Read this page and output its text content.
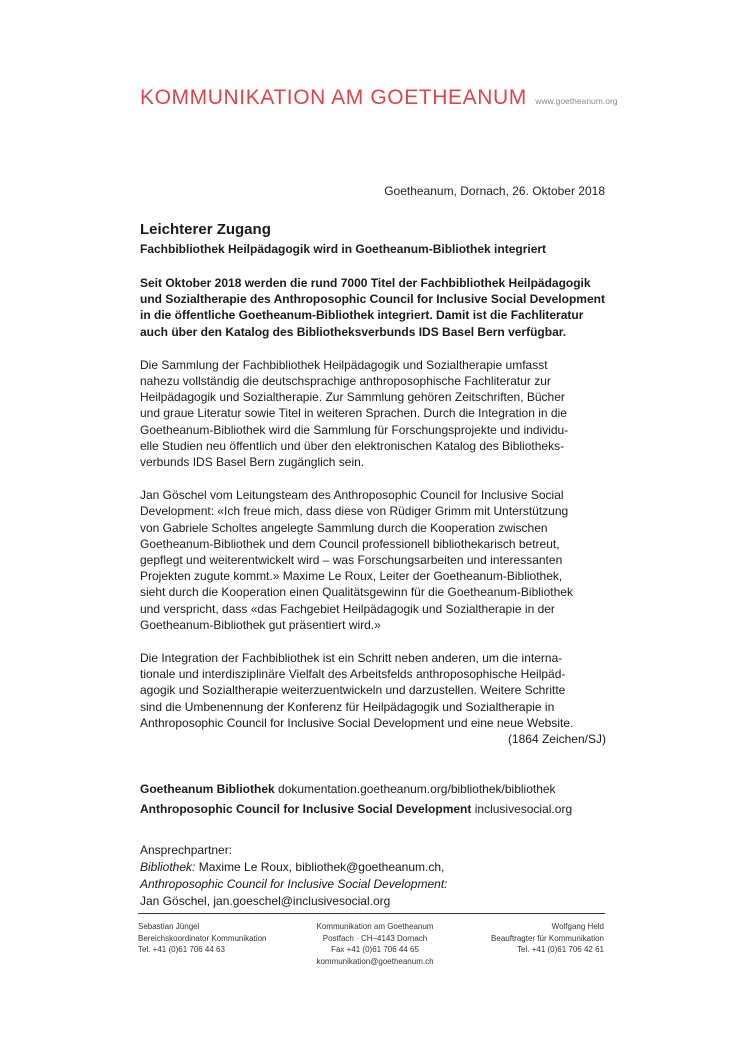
KOMMUNIKATION AM GOETHEANUM www.goetheanum.org
Goetheanum, Dornach, 26. Oktober 2018
Leichterer Zugang
Fachbibliothek Heilpädagogik wird in Goetheanum-Bibliothek integriert

Seit Oktober 2018 werden die rund 7000 Titel der Fachbibliothek Heilpädagogik
und Sozialtherapie des Anthroposophic Council for Inclusive Social Development
in die öffentliche Goetheanum-Bibliothek integriert. Damit ist die Fachliteratur
auch über den Katalog des Bibliotheksverbunds IDS Basel Bern verfügbar.

Die Sammlung der Fachbibliothek Heilpädagogik und Sozialtherapie umfasst
nahezu vollständig die deutschsprachige anthroposophische Fachliteratur zur
Heilpädagogik und Sozialtherapie. Zur Sammlung gehören Zeitschriften, Bücher
und graue Literatur sowie Titel in weiteren Sprachen. Durch die Integration in die
Goetheanum-Bibliothek wird die Sammlung für Forschungsprojekte und individu-
elle Studien neu öffentlich und über den elektronischen Katalog des Bibliotheks-
verbunds IDS Basel Bern zugänglich sein.

Jan Göschel vom Leitungsteam des Anthroposophic Council for Inclusive Social
Development: «Ich freue mich, dass diese von Rüdiger Grimm mit Unterstützung
von Gabriele Scholtes angelegte Sammlung durch die Kooperation zwischen
Goetheanum-Bibliothek und dem Council professionell bibliothekarisch betreut,
gepflegt und weiterentwickelt wird – was Forschungsarbeiten und interessanten
Projekten zugute kommt.» Maxime Le Roux, Leiter der Goetheanum-Bibliothek,
sieht durch die Kooperation einen Qualitätsgewinn für die Goetheanum-Bibliothek
und verspricht, dass «das Fachgebiet Heilpädagogik und Sozialtherapie in der
Goetheanum-Bibliothek gut präsentiert wird.»

Die Integration der Fachbibliothek ist ein Schritt neben anderen, um die interna-
tionale und interdisziplinäre Vielfalt des Arbeitsfelds anthroposophische Heilpäd-
agogik und Sozialtherapie weiterzuentwickeln und darzustellen. Weitere Schritte
sind die Umbenennung der Konferenz für Heilpädagogik und Sozialtherapie in
Anthroposophic Council for Inclusive Social Development und eine neue Website.
(1864 Zeichen/SJ)

Goetheanum Bibliothek dokumentation.goetheanum.org/bibliothek/bibliothek
Anthroposophic Council for Inclusive Social Development inclusivesocial.org
Ansprechpartner:
Bibliothek: Maxime Le Roux, bibliothek@goetheanum.ch,
Anthroposophic Council for Inclusive Social Development:
Jan Göschel, jan.goeschel@inclusivesocial.org
Sebastian Jüngel
Bereichskoordinator Kommunikation
Tel. +41 (0)61 706 44 63
Kommunikation am Goetheanum
Postfach · CH–4143 Dornach
Fax +41 (0)61 706 44 65
kommunikation@goetheanum.ch
Wolfgang Held
Beauftragter für Kommunikation
Tel. +41 (0)61 706 42 61
